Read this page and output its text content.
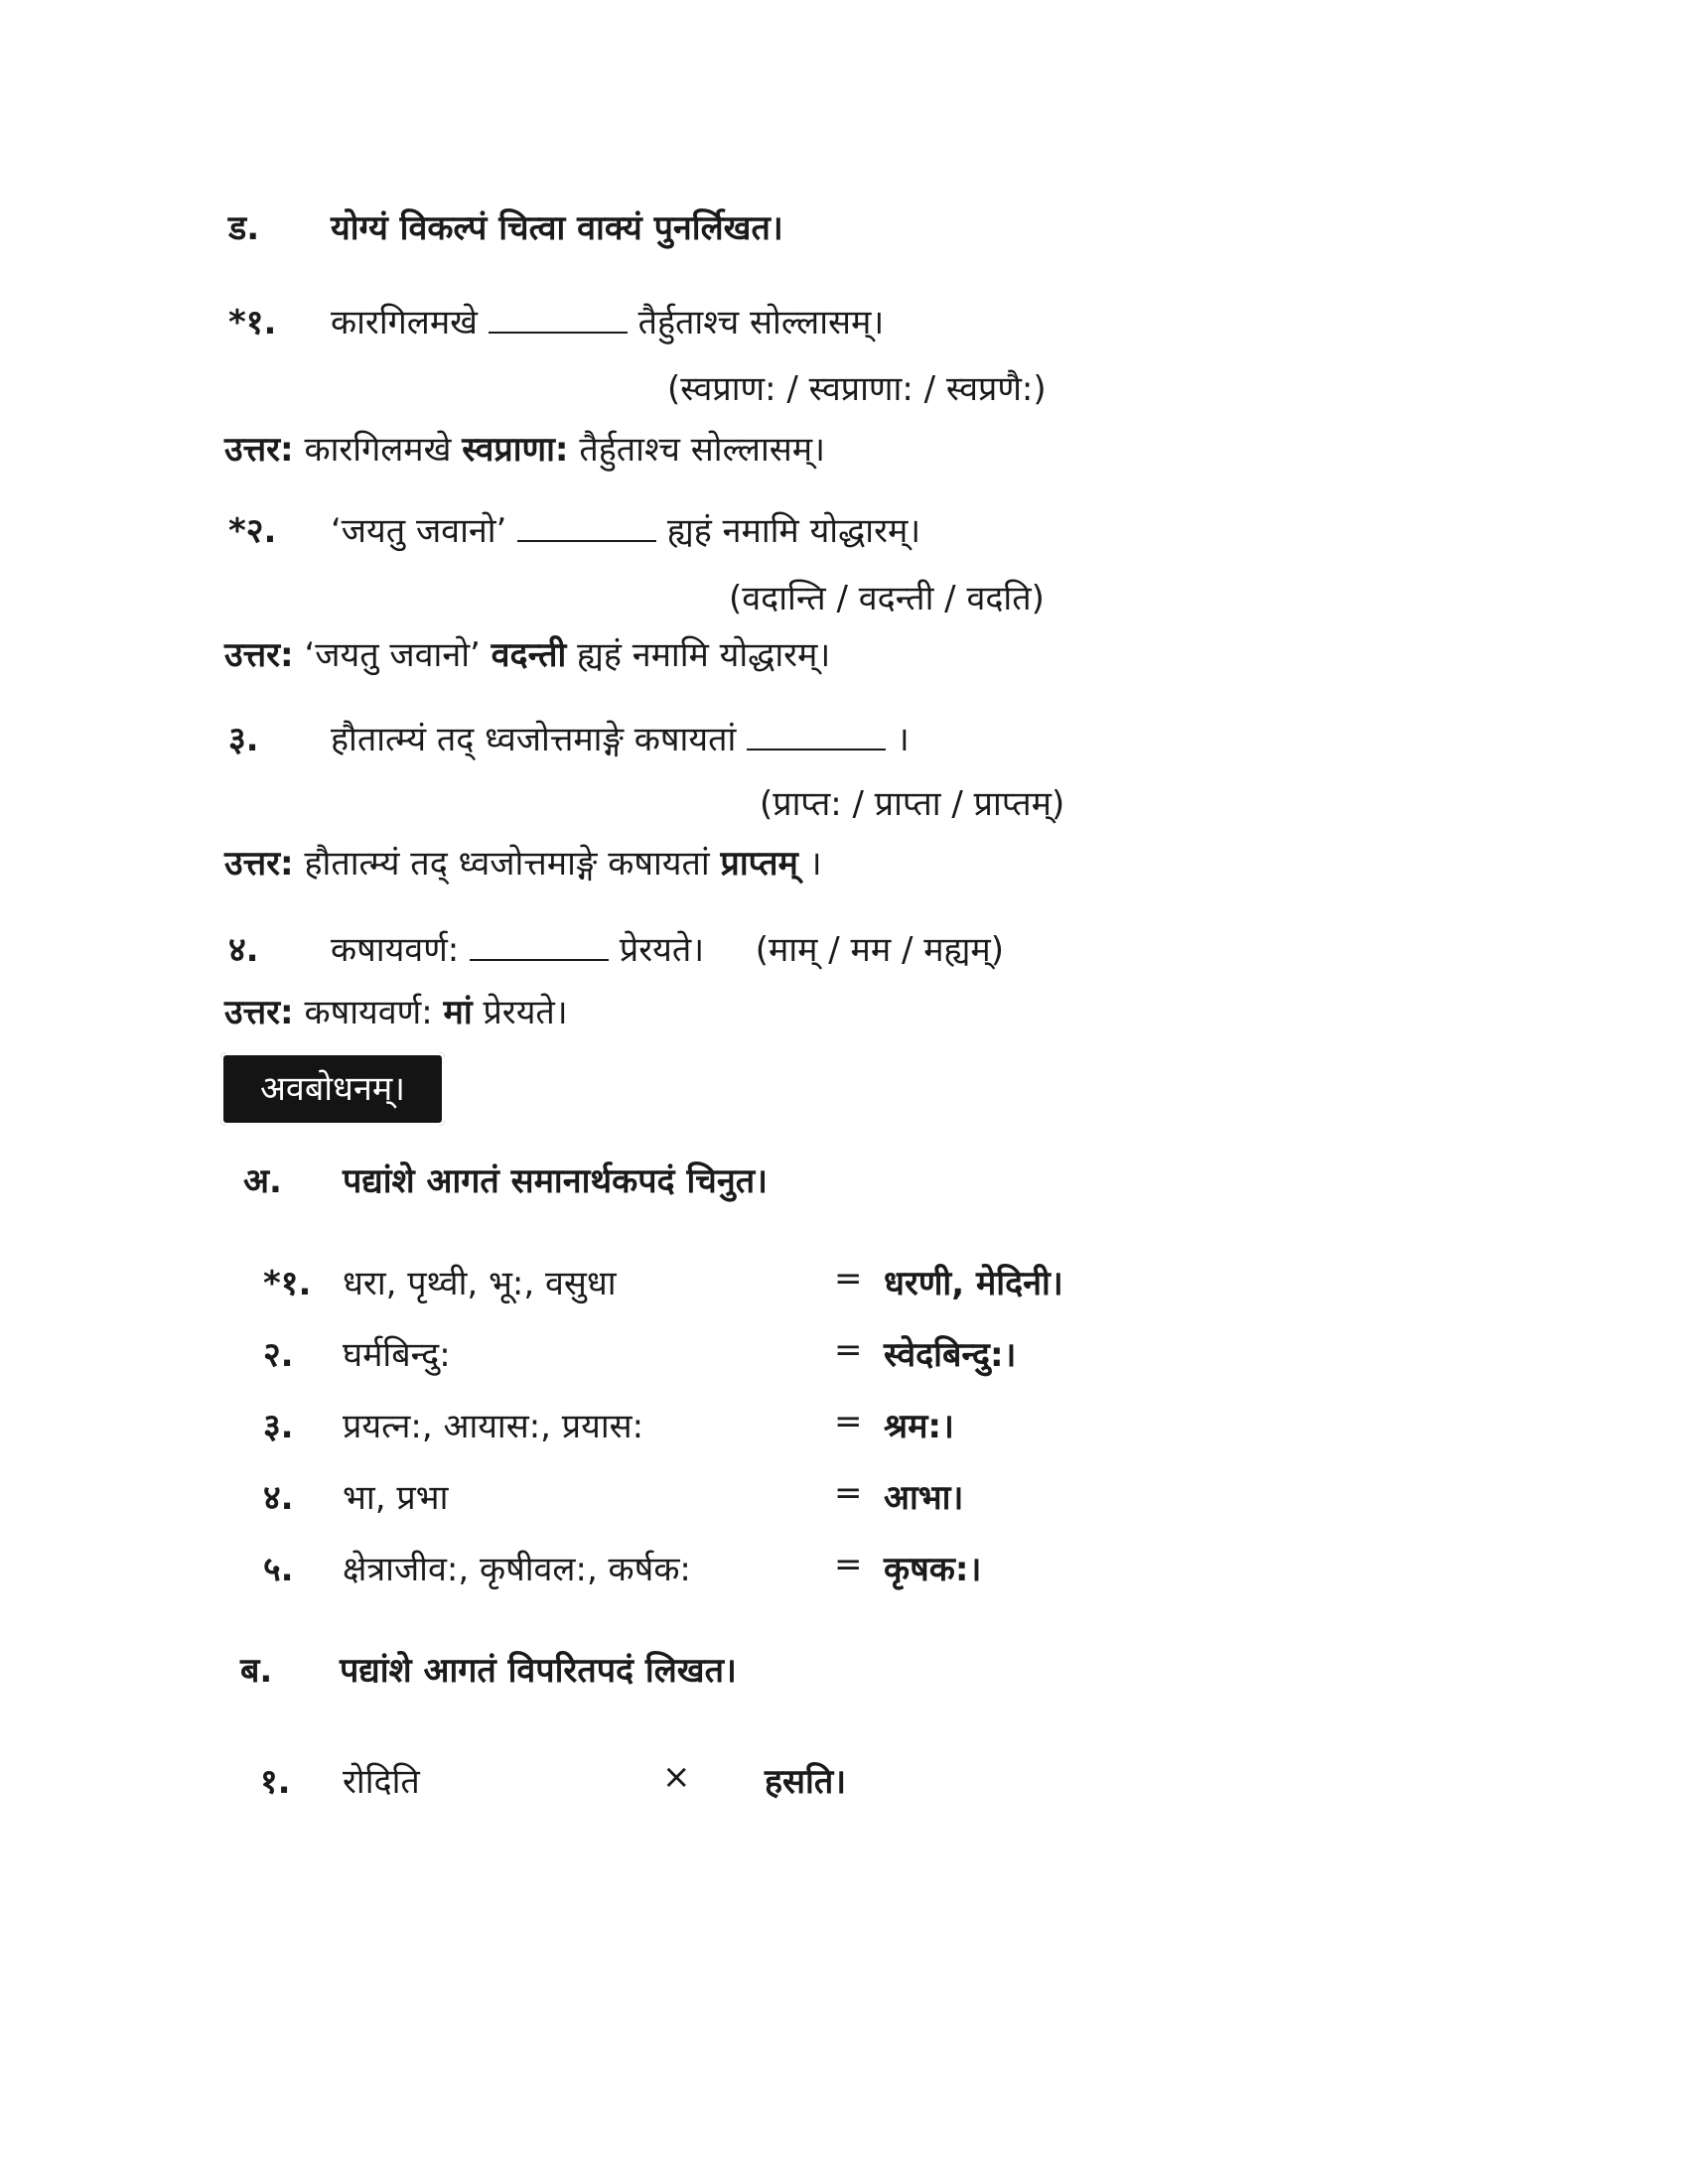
ड. योग्यं विकल्पं चित्वा वाक्यं पुनर्लिखत।
*१. कारगिलमखे	तैर्हुताश्च सोल्लासम्।
(स्वप्राण: / स्वप्राणा: / स्वप्रणै:)
उत्तर: कारगिलमखे स्वप्राणा: तैर्हुताश्च सोल्लासम्।
*२. ‘जयतु जवानो’	ह्यहं नमामि योद्धारम्।
(वदान्ति / वदन्ती / वदति)
उत्तर: ‘जयतु जवानो’ वदन्ती ह्यहं नमामि योद्धारम्।
३. हौतात्म्यं तद् ध्वजोत्तमाङ्गे कषायतां	।
(प्राप्त: / प्राप्ता / प्राप्तम्)
उत्तर: हौतात्म्यं तद् ध्वजोत्तमाङ्गे कषायतां प्राप्तम् ।
४. कषायवर्ण:	प्रेरयते। (माम् / मम / मह्यम्)
उत्तर: कषायवर्ण: मां प्रेरयते।
अवबोधनम्।
अ. पद्यांशे आगतं समानार्थकपदं चिनुत।
*१. धरा, पृथ्वी, भू:, वसुधा	= धरणी, मेदिनी।
२. घर्मबिन्दु:	= स्वेदबिन्दु:।
३. प्रयत्न:, आयास:, प्रयास:	= श्रम:।
४. भा, प्रभा	= आभा।
५. क्षेत्राजीव:, कृषीवल:, कर्षक:	= कृषक:।
ब. पद्यांशे आगतं विपरितपदं लिखत।
१. रोदिति	× हसति।
